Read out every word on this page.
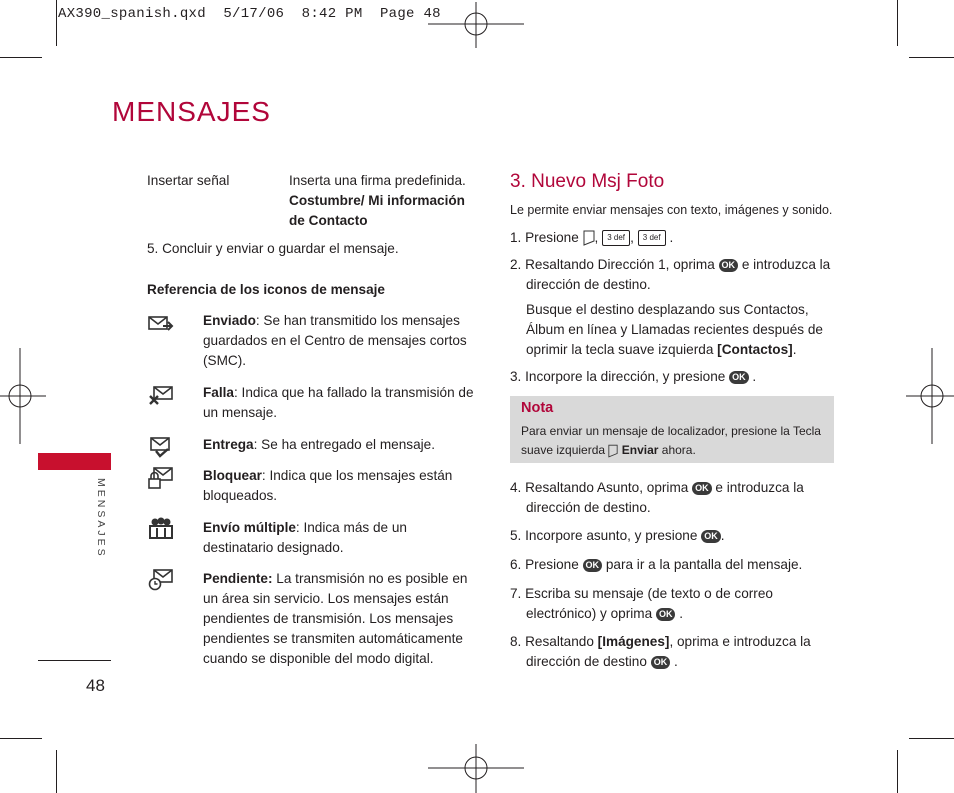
AX390_spanish.qxd  5/17/06  8:42 PM  Page 48
MENSAJES
MENSAJES
48
Insertar señal	Inserta una firma predefinida.
Costumbre/ Mi información de Contacto
5. Concluir y enviar o guardar el mensaje.
Referencia de los iconos de mensaje
Enviado: Se han transmitido los mensajes guardados en el Centro de mensajes cortos (SMC).
Falla: Indica que ha fallado la transmisión de un mensaje.
Entrega: Se ha entregado el mensaje.
Bloquear: Indica que los mensajes están bloqueados.
Envío múltiple: Indica más de un destinatario designado.
Pendiente: La transmisión no es posible en un área sin servicio. Los mensajes están pendientes de transmisión. Los mensajes pendientes se transmiten automáticamente cuando se disponible del modo digital.
3. Nuevo Msj Foto
Le permite enviar mensajes con texto, imágenes y sonido.
1. Presione , 3 def , 3 def .
2. Resaltando Dirección 1, oprima OK e introduzca la
dirección de destino.
Busque el destino desplazando sus Contactos, Álbum en línea y Llamadas recientes después de oprimir la tecla suave izquierda [Contactos].
3. Incorpore la dirección, y presione OK .
Nota
Para enviar un mensaje de localizador, presione la Tecla
suave izquierda Enviar ahora.
4. Resaltando Asunto, oprima OK e introduzca la
dirección de destino.
5. Incorpore asunto, y presione OK .
6. Presione OK para ir a la pantalla del mensaje.
7. Escriba su mensaje (de texto o de correo
electrónico) y oprima OK .
8. Resaltando [Imágenes], oprima e introduzca la
dirección de destino OK .
